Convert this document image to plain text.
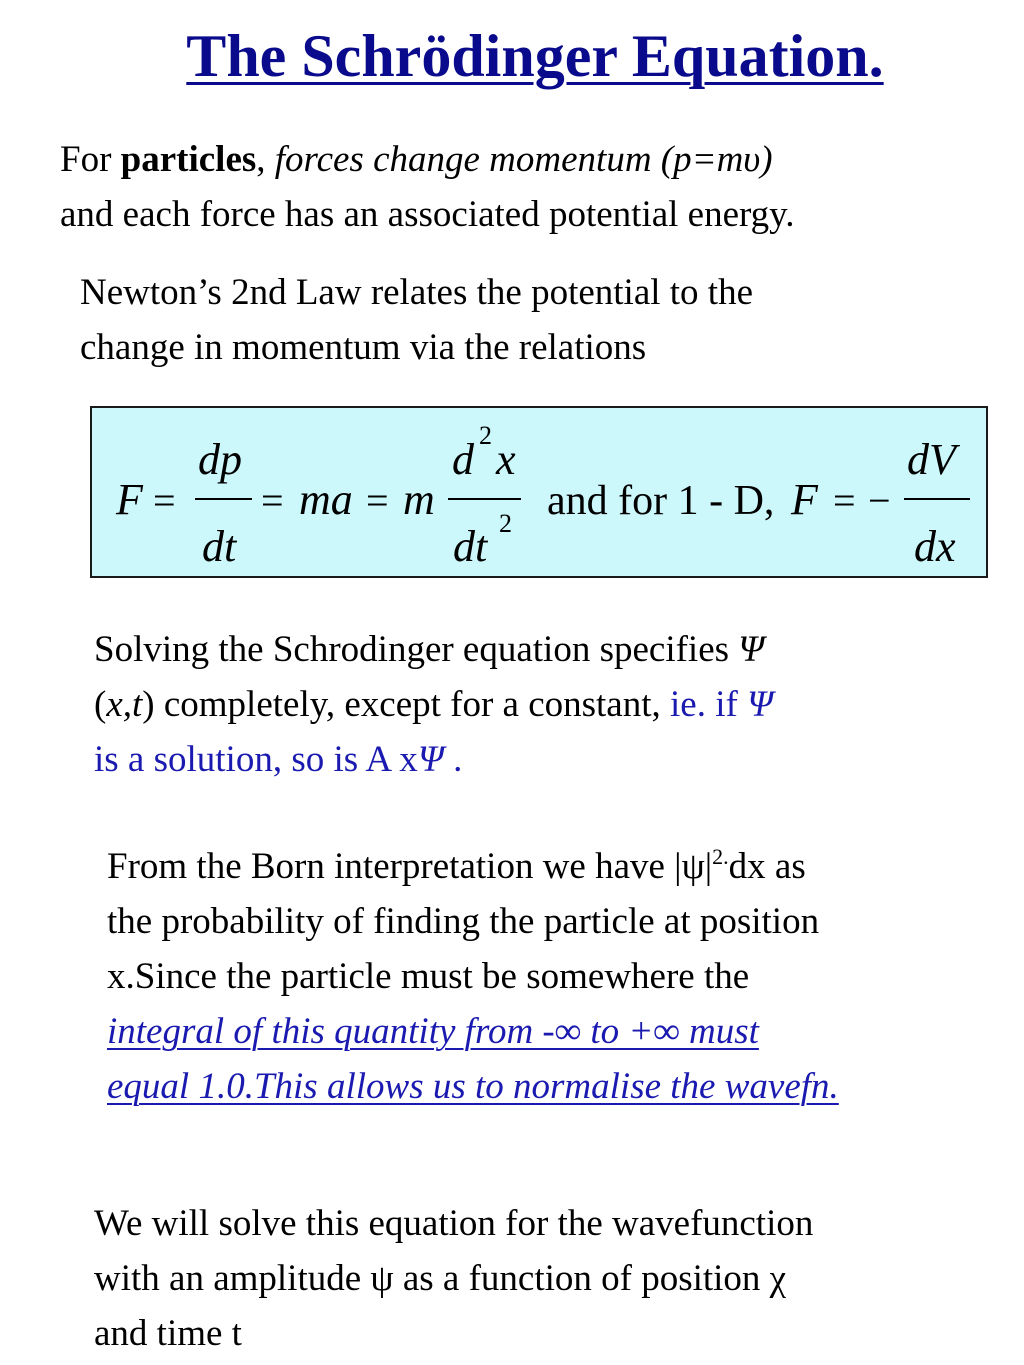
The Schrödinger Equation.
For particles, forces change momentum (p=mυ)
and each force has an associated potential energy.
Newton’s 2nd Law relates the potential to the
change in momentum via the relations
F =
dp
dt
= ma = m
d 2 x
dt 2 and for 1 - D, F = −
dV
dx
Solving the Schrodinger equation specifies Ψ
(x,t) completely, except for a constant, ie. if Ψ
is a solution, so is A xΨ .
From the Born interpretation we have $|\psi|^{2.}dx$ as
the probability of finding the particle at position
x.Since the particle must be somewhere the
integral of this quantity from -∞ to +∞ must
equal 1.0.This allows us to normalise the wavefn.
We will solve this equation for the wavefunction
with an amplitude ψ as a function of position χ
and time t
